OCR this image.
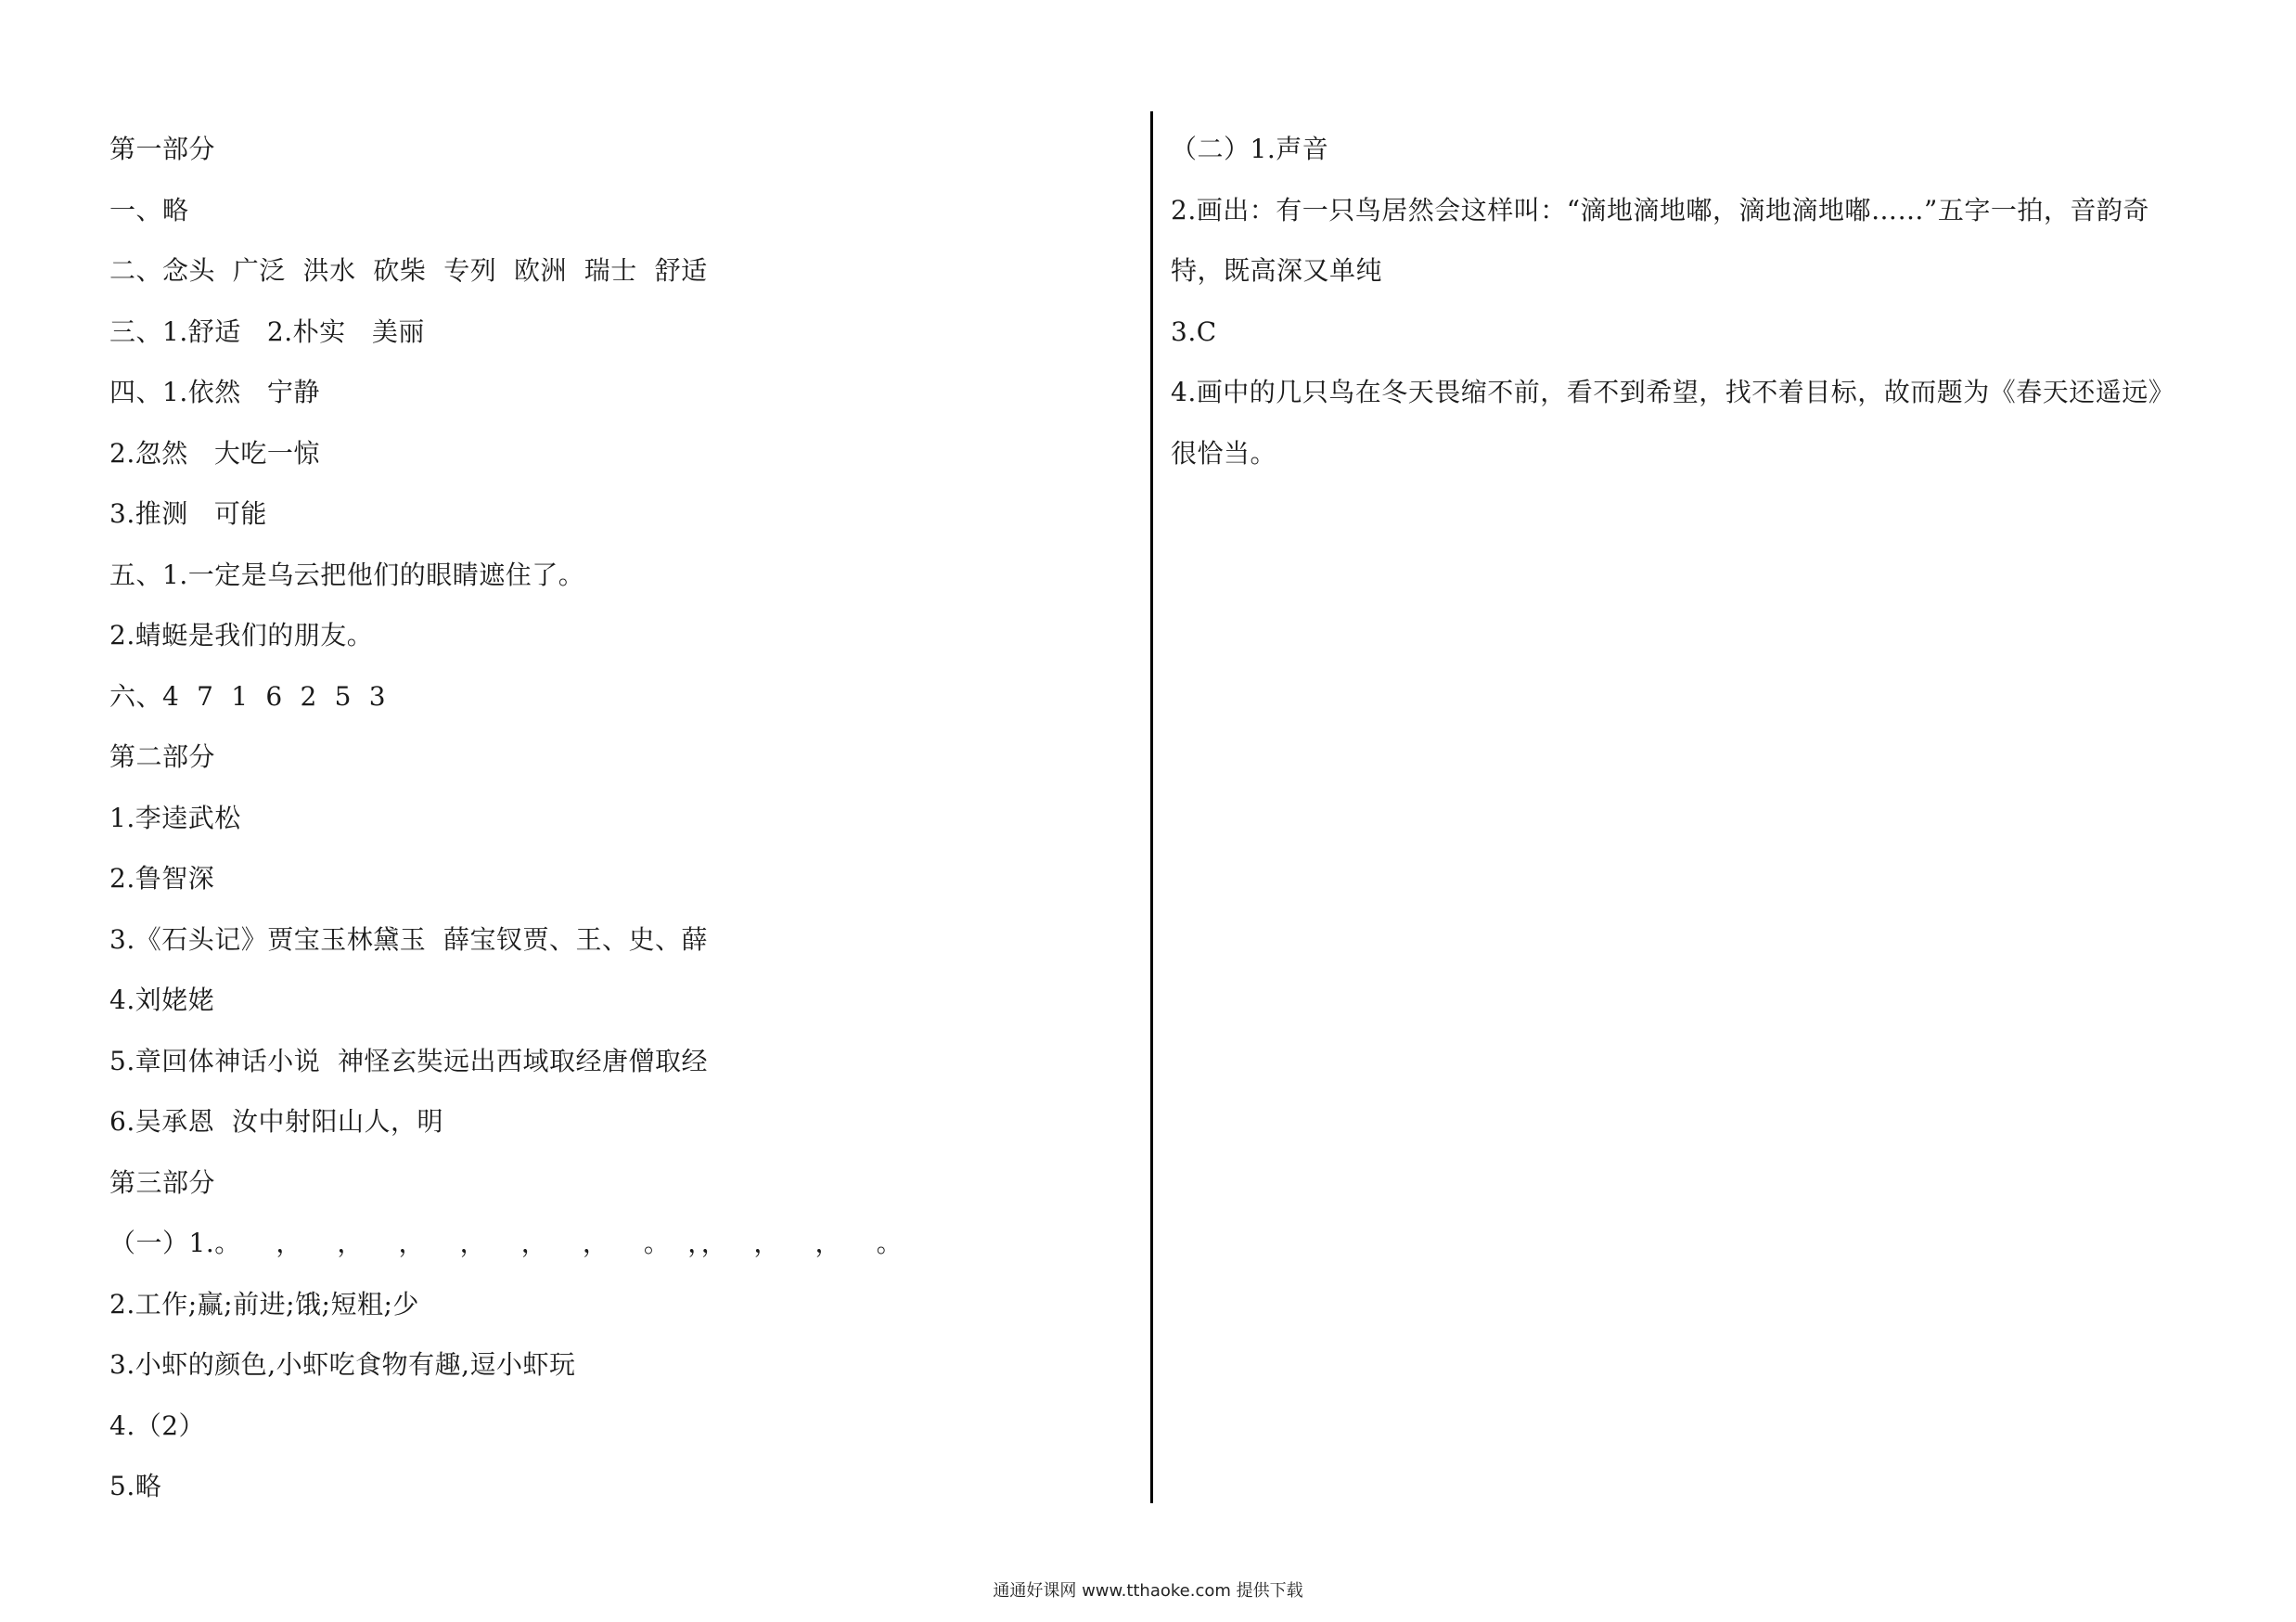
第一部分
一、略
二、念头  广泛  洪水  砍柴  专列  欧洲  瑞士  舒适
三、1.舒适   2.朴实   美丽
四、1.依然   宁静
2.忽然   大吃一惊
3.推测   可能
五、1.一定是乌云把他们的眼睛遮住了。
2.蜻蜓是我们的朋友。
六、4  7  1  6  2  5  3
第二部分
1.李逵武松
2.鲁智深
3.《石头记》贾宝玉林黛玉  薛宝钗贾、王、史、薛
4.刘姥姥
5.章回体神话小说  神怪玄奘远出西域取经唐僧取经
6.吴承恩  汝中射阳山人，明
第三部分
（一）1.。    ，    ，    ，    ，    ，    ，    。  ，，   ，    ，    。
2.工作;赢;前进;饿;短粗;少
3.小虾的颜色,小虾吃食物有趣,逗小虾玩
4.（2）
5.略
（二）1.声音
2.画出：有一只鸟居然会这样叫：“滴地滴地嘟，滴地滴地嘟……”五字一拍，音韵奇
特，既高深又单纯
3.C
4.画中的几只鸟在冬天畏缩不前，看不到希望，找不着目标，故而题为《春天还遥远》
很恰当。
通通好课网 www.tthaoke.com 提供下载
